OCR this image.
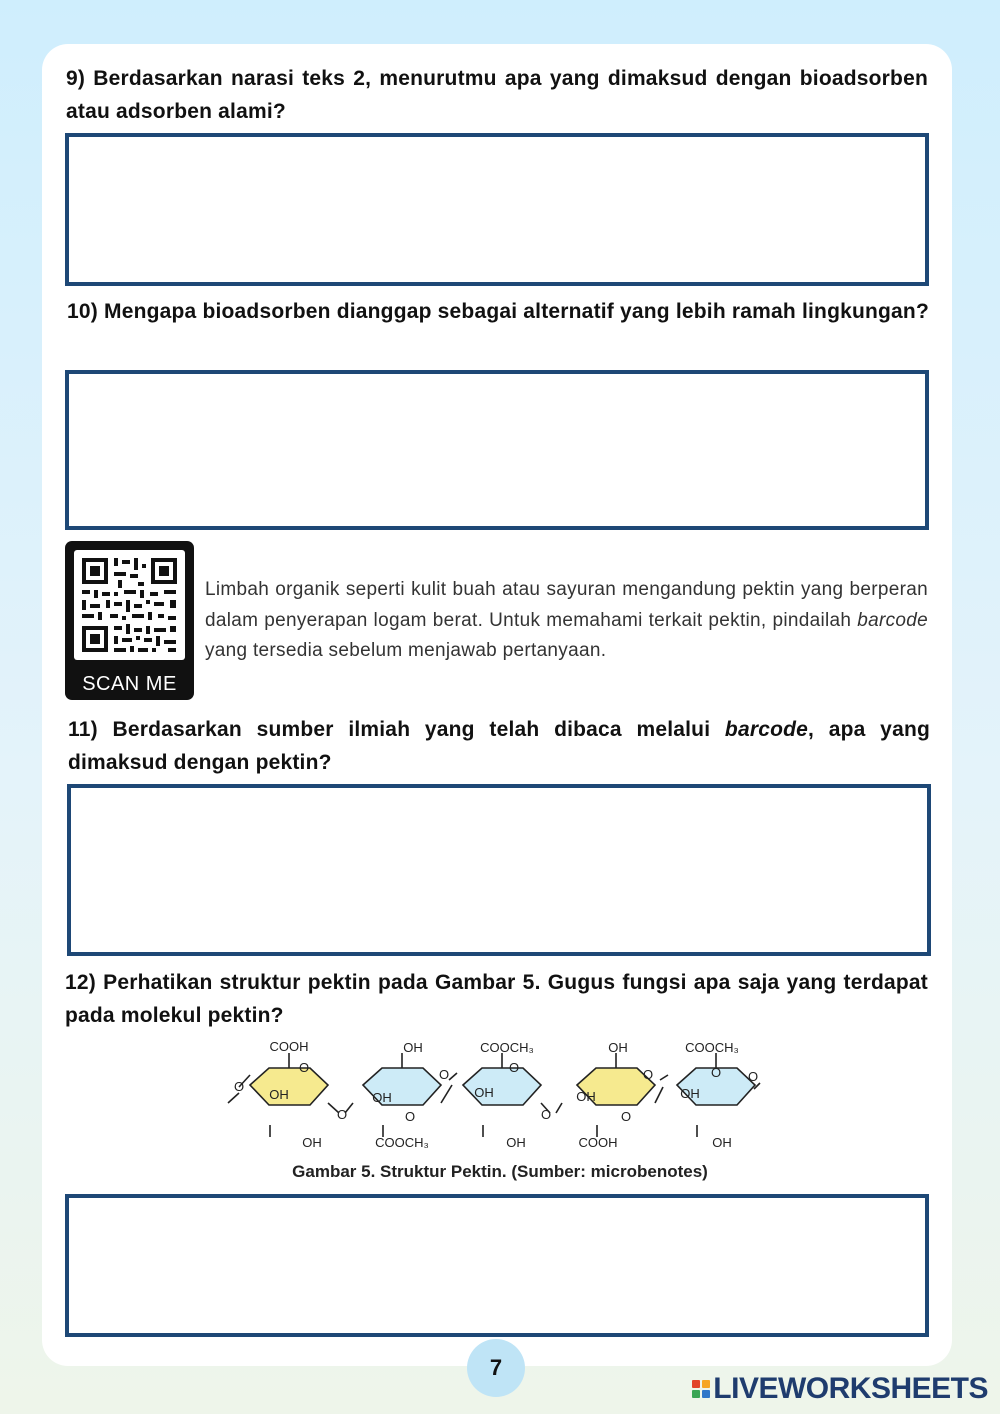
9) Berdasarkan narasi teks 2, menurutmu apa yang dimaksud dengan bioadsorben atau adsorben alami?

10) Mengapa bioadsorben dianggap sebagai alternatif yang lebih ramah lingkungan?

SCAN ME

Limbah organik seperti kulit buah atau sayuran mengandung pektin yang berperan dalam penyerapan logam berat. Untuk memahami terkait pektin, pindailah barcode yang tersedia sebelum menjawab pertanyaan.

11) Berdasarkan sumber ilmiah yang telah dibaca melalui barcode, apa yang dimaksud dengan pektin?

12) Perhatikan struktur pektin pada Gambar 5. Gugus fungsi apa saja yang terdapat pada molekul pektin?

O
O
COOH
OH
OH
O
OH
OH
O
COOCH₃
O
COOCH₃
O
OH
OH
O
OH
OH
O
COOH
O
COOCH₃
O
OH
OH
O
Gambar 5. Struktur Pektin. (Sumber: microbenotes)
7
LIVEWORKSHEETS
